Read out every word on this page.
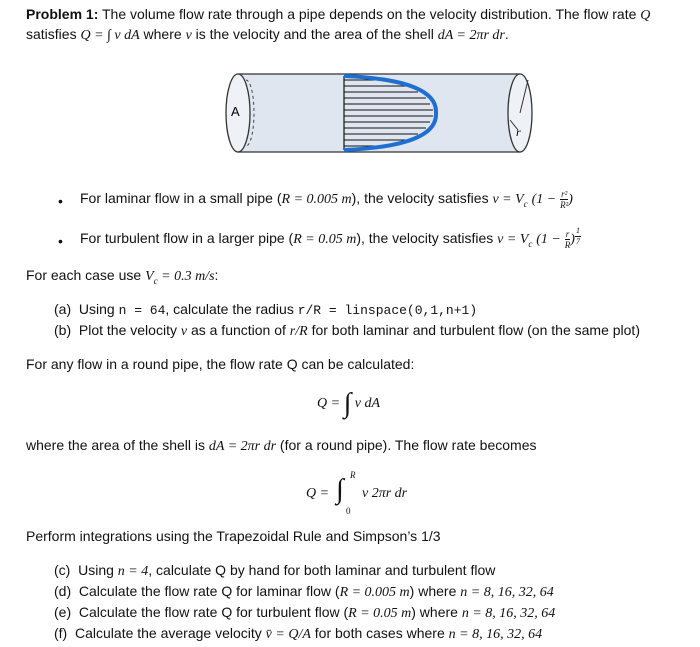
Problem 1: The volume flow rate through a pipe depends on the velocity distribution. The flow rate Q
satisfies Q = ∫ v dA where v is the velocity and the area of the shell dA = 2πr dr.
A
r
• For laminar flow in a small pipe (R = 0.005 m), the velocity satisfies $v = V_c$ ($1 - \frac{\text{r²}}{\text{R²}}$ )
• For turbulent flow in a larger pipe (R = 0.05 m), the velocity satisfies $v = V_c$ ($1 - \frac{r}{R}$ ) $\frac{1}{7}$
For each case use $V_c = 0.3$ m/s:
(a) Using n = 64, calculate the radius r/R = linspace(0,1,n+1)
(b) Plot the velocity v as a function of r/R for both laminar and turbulent flow (on the same plot)
For any flow in a round pipe, the flow rate Q can be calculated:
Q = ∫ v dA
where the area of the shell is dA = 2πr dr (for a round pipe). The flow rate becomes
Q = ∫ R
0
v 2πr dr
Perform integrations using the Trapezoidal Rule and Simpson’s 1/3
(c) Using n = 4, calculate Q by hand for both laminar and turbulent flow
(d) Calculate the flow rate Q for laminar flow (R = 0.005 m) where n = 8, 16, 32, 64
(e) Calculate the flow rate Q for turbulent flow (R = 0.05 m) where n = 8, 16, 32, 64
(f) Calculate the average velocity v̄ = Q/A for both cases where n = 8, 16, 32, 64
